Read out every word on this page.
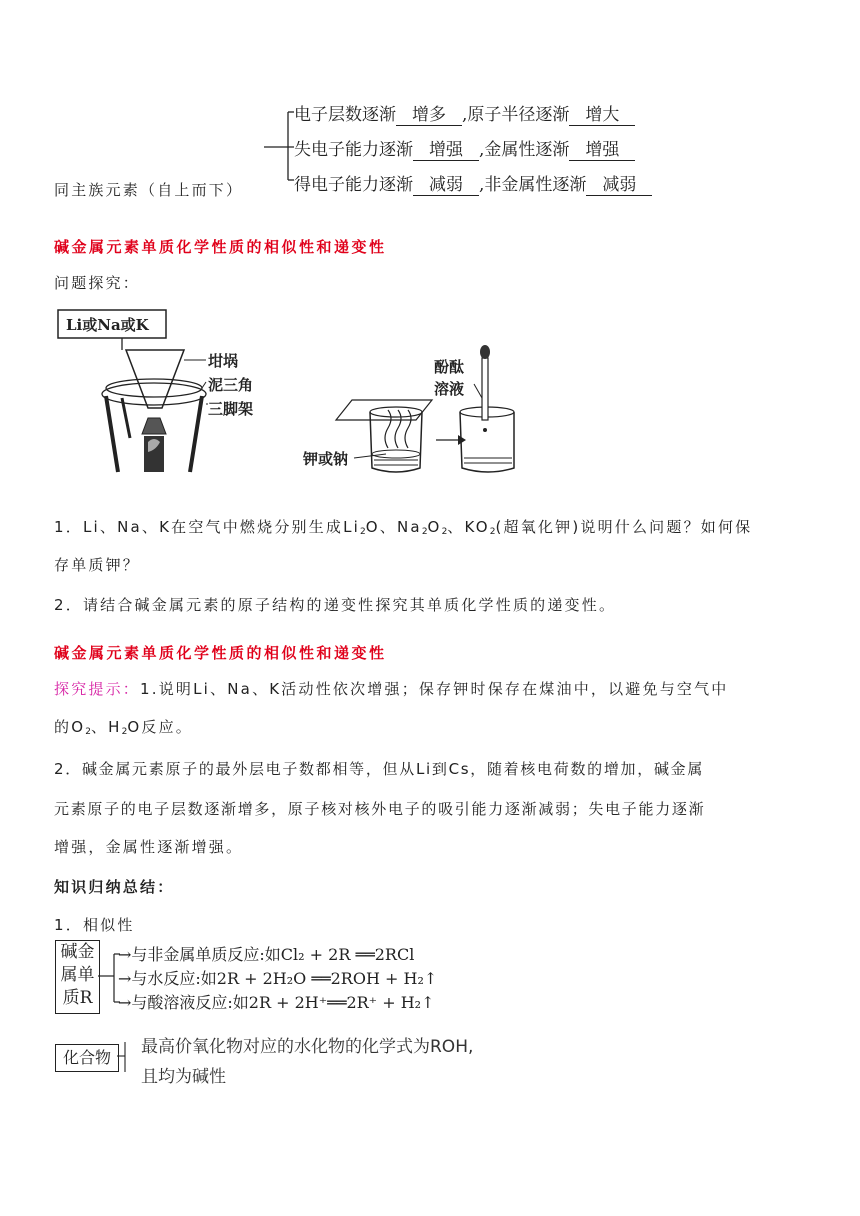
电子层数逐渐 增多 ,原子半径逐渐 增大
失电子能力逐渐 增强 ,金属性逐渐 增强
得电子能力逐渐 减弱 ,非金属性逐渐 减弱
同主族元素（自上而下）
碱金属元素单质化学性质的相似性和递变性
问题探究：
Li或Na或K
坩埚
泥三角
三脚架
酚酞
溶液
钾或钠
1．Li、Na、K在空气中燃烧分别生成$Li_2O$、$Na_2O_2$、$KO_2$(超氧化钾)说明什么问题？如何保
存单质钾？
2．请结合碱金属元素的原子结构的递变性探究其单质化学性质的递变性。
碱金属元素单质化学性质的相似性和递变性
探究提示：1.说明Li、Na、K活动性依次增强；保存钾时保存在煤油中，以避免与空气中
的$O_2$、$H_2O$反应。
2．碱金属元素原子的最外层电子数都相等，但从Li到Cs，随着核电荷数的增加，碱金属
元素原子的电子层数逐渐增多，原子核对核外电子的吸引能力逐渐减弱；失电子能力逐渐
增强，金属性逐渐增强。
知识归纳总结：
1．相似性
碱金
属单
质R
→与非金属单质反应:如Cl₂ + 2R ══2RCl
→与水反应:如2R + 2H₂O ══2ROH + H₂↑
→与酸溶液反应:如2R + 2H⁺══2R⁺ + H₂↑
化合物
最高价氧化物对应的水化物的化学式为ROH,
且均为碱性
